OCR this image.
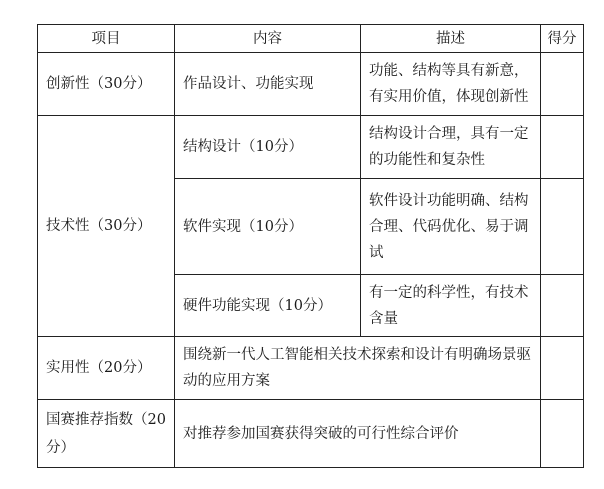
项目	内容	描述	得分
创新性（30分）	作品设计、功能实现	功能、结构等具有新意，有实用价值，体现创新性	
技术性（30分）	结构设计（10分）	结构设计合理，具有一定的功能性和复杂性	
	软件实现（10分）	软件设计功能明确、结构合理、代码优化、易于调试	
	硬件功能实现（10分）	有一定的科学性，有技术含量	
实用性（20分）	围绕新一代人工智能相关技术探索和设计有明确场景驱动的应用方案		
国赛推荐指数（20分）	对推荐参加国赛获得突破的可行性综合评价		
